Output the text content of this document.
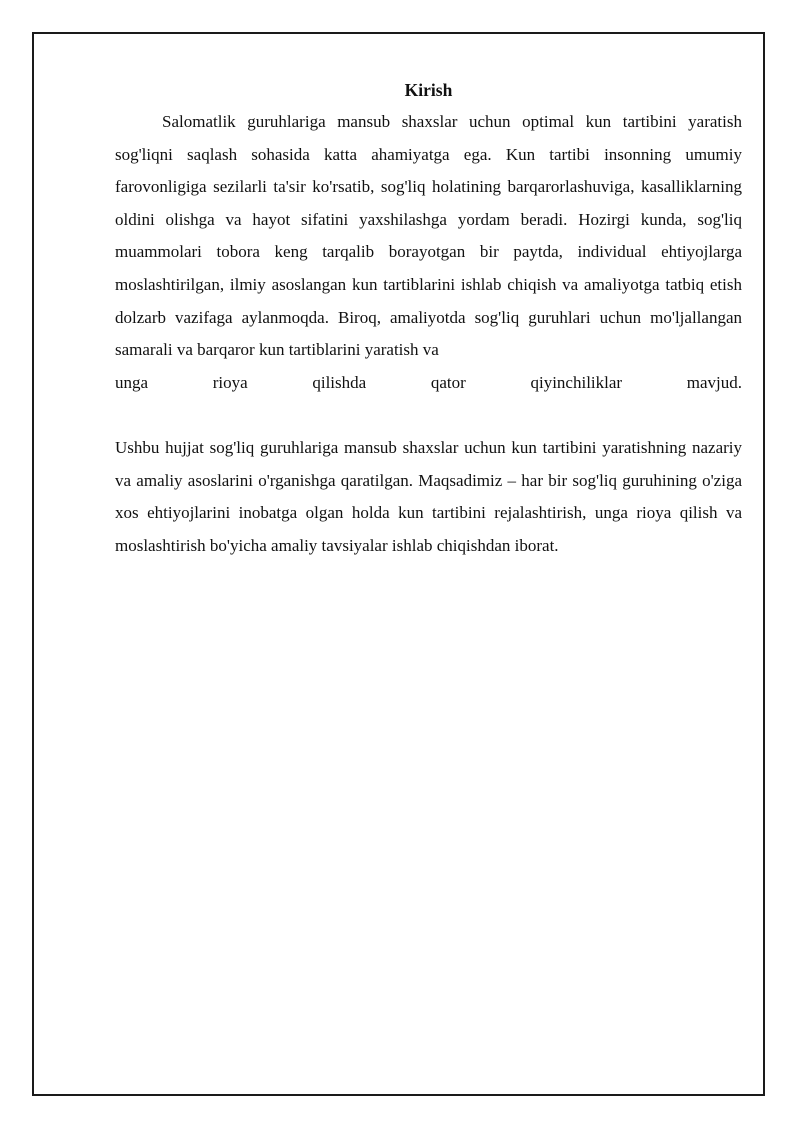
Kirish

Salomatlik guruhlariga mansub shaxslar uchun optimal kun tartibini yaratish sog'liqni saqlash sohasida katta ahamiyatga ega. Kun tartibi insonning umumiy farovonligiga sezilarli ta'sir ko'rsatib, sog'liq holatining barqarorlashuviga, kasalliklarning oldini olishga va hayot sifatini yaxshilashga yordam beradi. Hozirgi kunda, sog'liq muammolari tobora keng tarqalib borayotgan bir paytda, individual ehtiyojlarga moslashtirilgan, ilmiy asoslangan kun tartiblarini ishlab chiqish va amaliyotga tatbiq etish dolzarb vazifaga aylanmoqda. Biroq, amaliyotda sog'liq guruhlari uchun mo'ljallangan samarali va barqaror kun tartiblarini yaratish va

unga rioya qilishda qator qiyinchiliklar mavjud.

Ushbu hujjat sog'liq guruhlariga mansub shaxslar uchun kun tartibini yaratishning nazariy va amaliy asoslarini o'rganishga qaratilgan. Maqsadimiz – har bir sog'liq guruhining o'ziga xos ehtiyojlarini inobatga olgan holda kun tartibini rejalashtirish, unga rioya qilish va moslashtirish bo'yicha amaliy tavsiyalar ishlab chiqishdan iborat.
